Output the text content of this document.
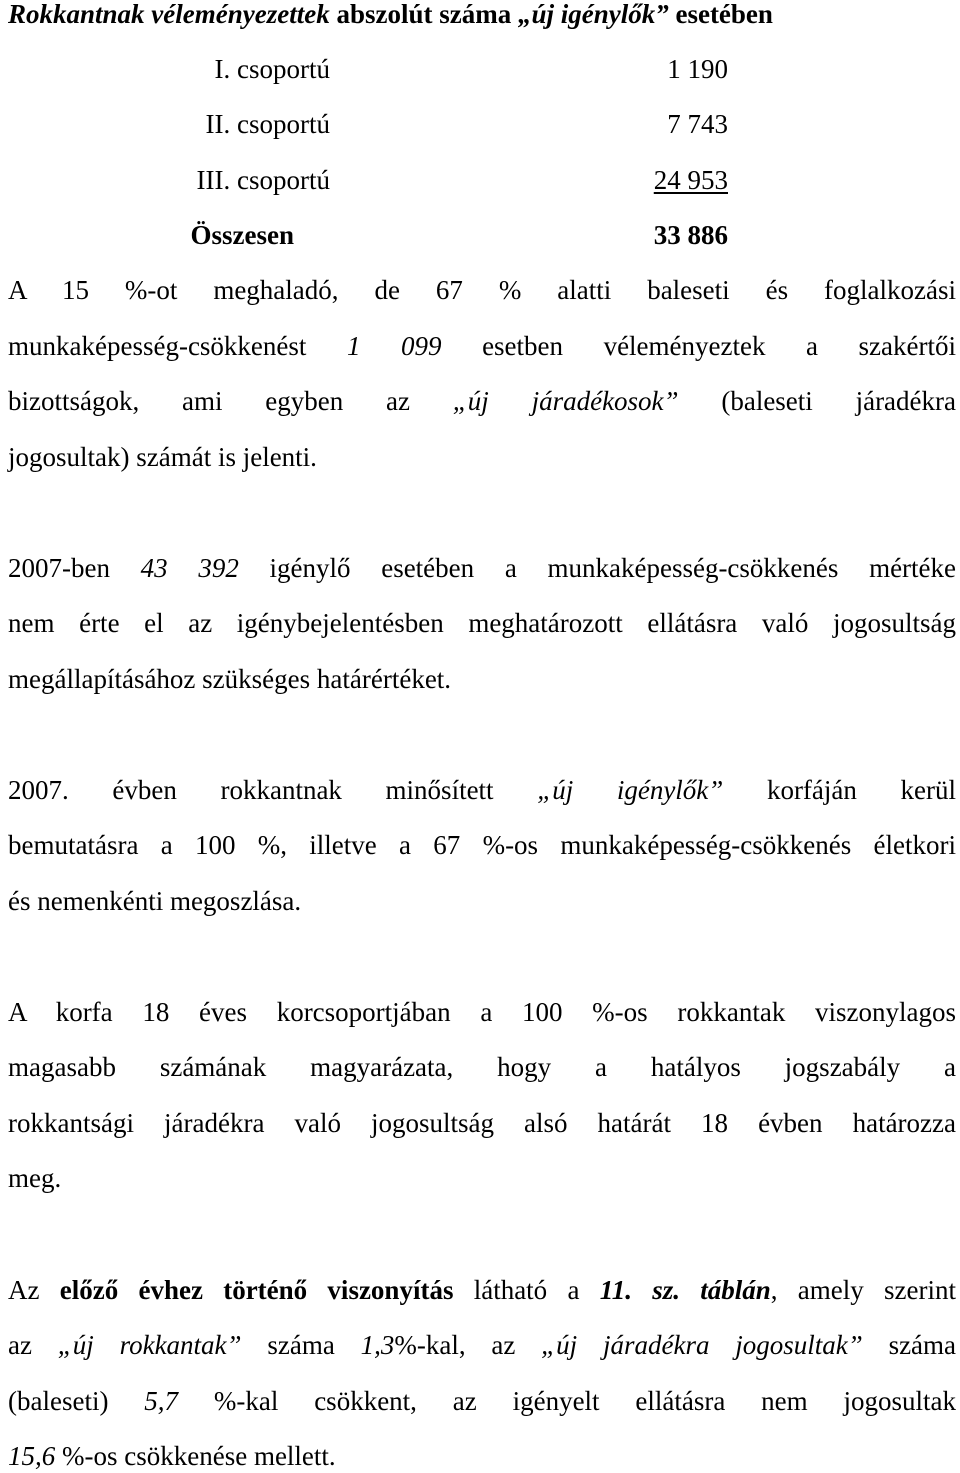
Rokkantnak véleményezettek abszolút száma „új igénylők” esetében
I. csoportú	1 190
II. csoportú	7 743
III. csoportú	24 953
Összesen	33 886
A 15 %-ot meghaladó, de 67 % alatti baleseti és foglalkozási
munkaképesség-csökkenést 1 099 esetben véleményeztek a szakértői
bizottságok, ami egyben az „új járadékosok” (baleseti járadékra
jogosultak) számát is jelenti.
2007-ben 43 392 igénylő esetében a munkaképesség-csökkenés mértéke
nem érte el az igénybejelentésben meghatározott ellátásra való jogosultság
megállapításához szükséges határértéket.
2007. évben rokkantnak minősített „új igénylők” korfáján kerül
bemutatásra a 100 %, illetve a 67 %-os munkaképesség-csökkenés életkori
és nemenkénti megoszlása.
A korfa 18 éves korcsoportjában a 100 %-os rokkantak viszonylagos
magasabb számának magyarázata, hogy a hatályos jogszabály a
rokkantsági járadékra való jogosultság alsó határát 18 évben határozza
meg.
Az előző évhez történő viszonyítás látható a 11. sz. táblán, amely szerint
az „új rokkantak” száma 1,3%-kal, az „új járadékra jogosultak” száma
(baleseti) 5,7 %-kal csökkent, az igényelt ellátásra nem jogosultak
15,6 %-os csökkenése mellett.
